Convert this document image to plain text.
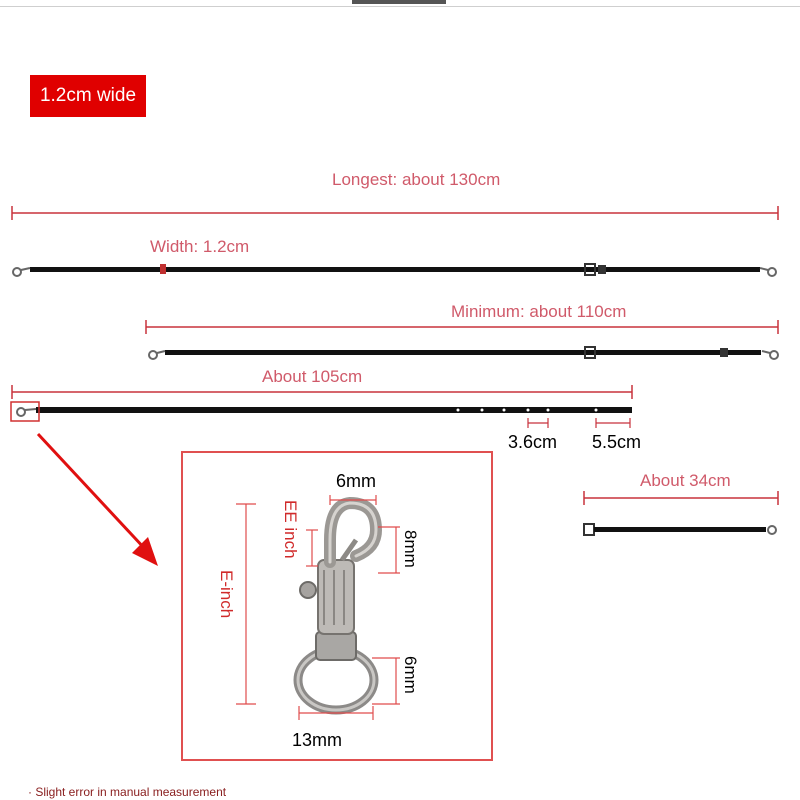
1.2cm wide
Longest: about 130cm
Width: 1.2cm
Minimum: about 110cm
About 105cm
3.6cm 5.5cm
About 34cm
6mm
8mm
6mm
13mm
EE inch
E-inch
· Slight error in manual measurement
